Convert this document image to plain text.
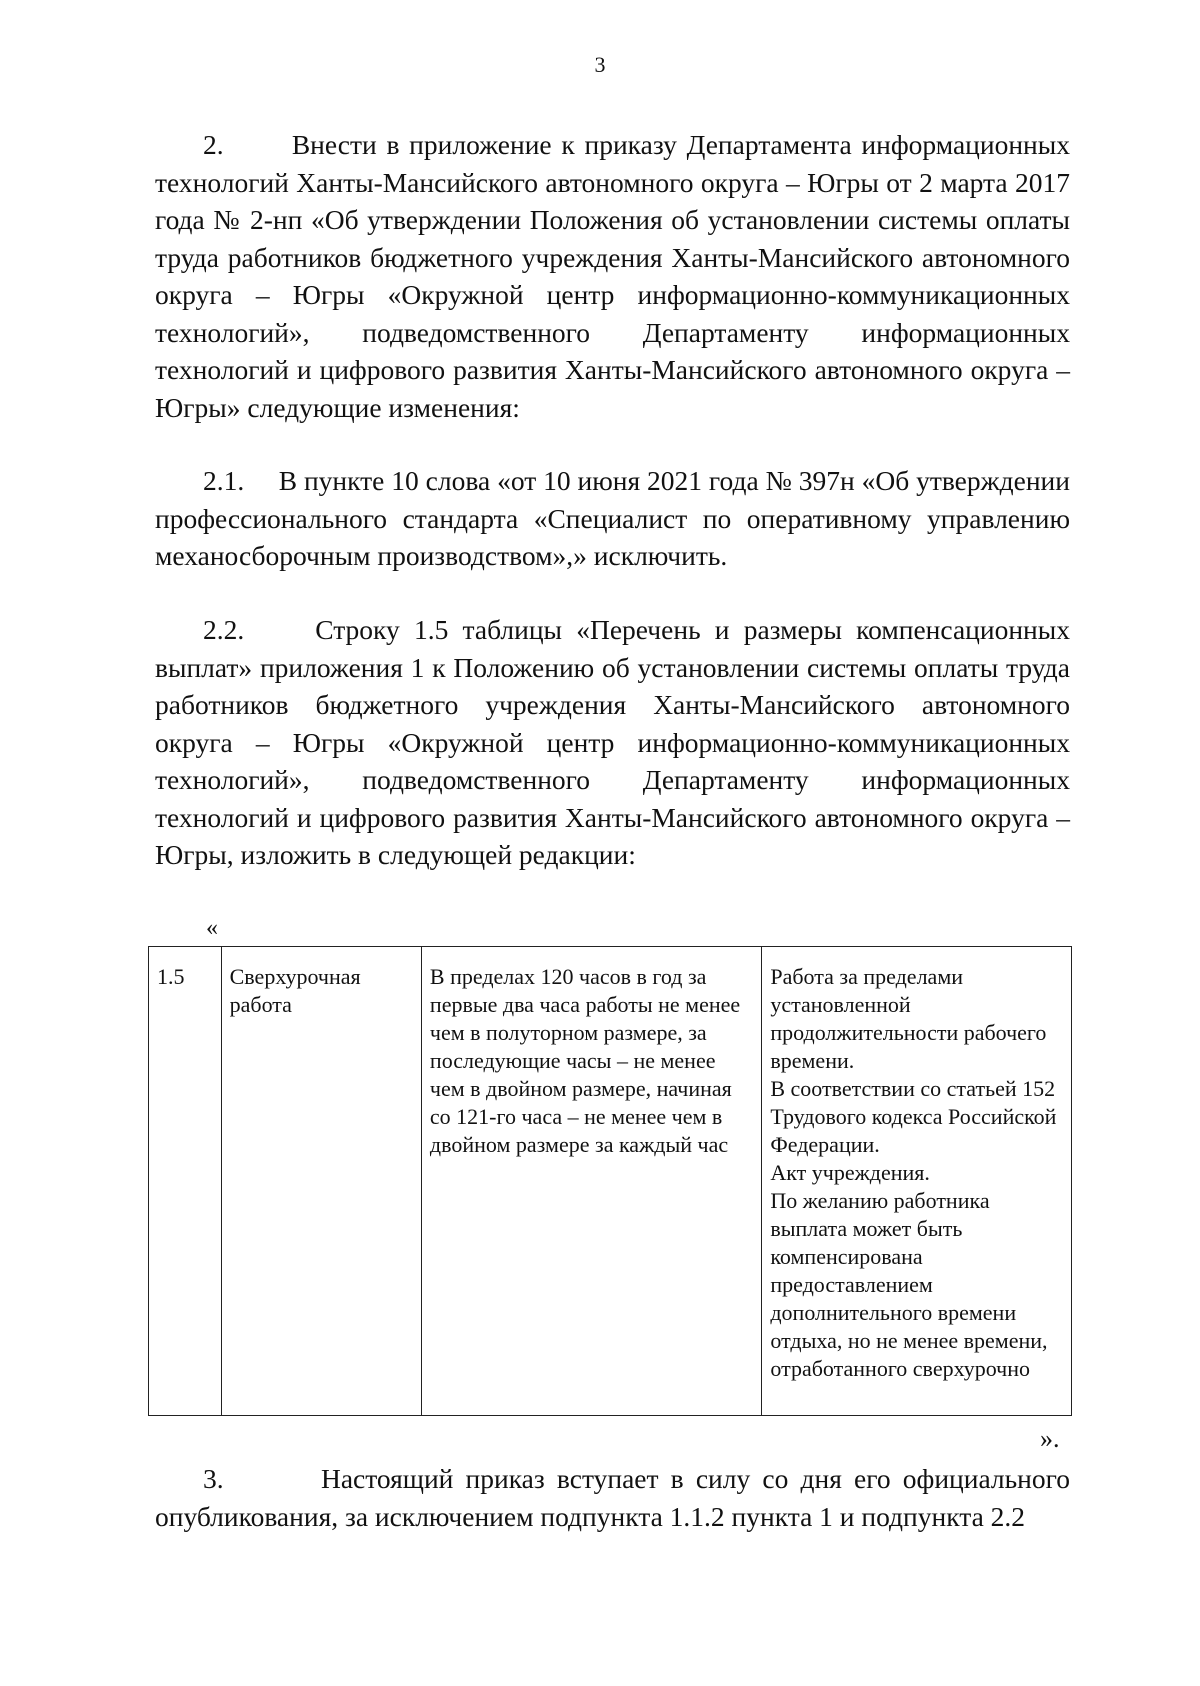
3

2.       Внести в приложение к приказу Департамента информационных технологий Ханты-Мансийского автономного округа – Югры от 2 марта 2017 года № 2-нп «Об утверждении Положения об установлении системы оплаты труда работников бюджетного учреждения Ханты-Мансийского автономного округа – Югры «Окружной центр информационно-коммуникационных технологий», подведомственного Департаменту информационных технологий и цифрового развития Ханты-Мансийского автономного округа – Югры» следующие изменения:

2.1.     В пункте 10 слова «от 10 июня 2021 года № 397н «Об утверждении профессионального стандарта «Специалист по оперативному управлению механосборочным производством»,» исключить.

2.2.     Строку 1.5 таблицы «Перечень и размеры компенсационных выплат» приложения 1 к Положению об установлении системы оплаты труда работников бюджетного учреждения Ханты-Мансийского автономного округа – Югры «Окружной центр информационно-коммуникационных технологий», подведомственного Департаменту информационных технологий и цифрового развития Ханты-Мансийского автономного округа – Югры, изложить в следующей редакции:

«
1.5	Сверхурочная работа	В пределах 120 часов в год за первые два часа работы не менее чем в полуторном размере, за последующие часы – не менее чем в двойном размере, начиная со 121-го часа – не менее чем в двойном размере за каждый час	Работа за пределами установленной продолжительности рабочего времени.
В соответствии со статьей 152 Трудового кодекса Российской Федерации.
Акт учреждения.
По желанию работника выплата может быть компенсирована предоставлением дополнительного времени отдыха, но не менее времени, отработанного сверхурочно
».

3.        Настоящий приказ вступает в силу со дня его официального опубликования, за исключением подпункта 1.1.2 пункта 1 и подпункта 2.2
